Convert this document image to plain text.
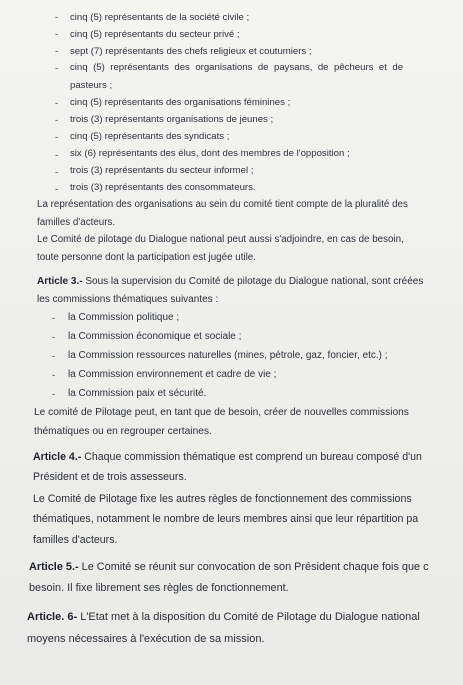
- cinq (5) représentants de la société civile ;
- cinq (5) représentants du secteur privé ;
- sept (7) représentants des chefs religieux et coutumiers ;
- cinq (5) représentants des organisations de paysans, de pêcheurs et de
pasteurs ;
- cinq (5) représentants des organisations féminines ;
- trois (3) représentants organisations de jeunes ;
- cinq (5) représentants des syndicats ;
- six (6) représentants des élus, dont des membres de l'opposition ;
- trois (3) représentants du secteur informel ;
- trois (3) représentants des consommateurs.
La représentation des organisations au sein du comité tient compte de la pluralité des
familles d'acteurs.
Le Comité de pilotage du Dialogue national peut aussi s'adjoindre, en cas de besoin,
toute personne dont la participation est jugée utile.
Article 3.- Sous la supervision du Comité de pilotage du Dialogue national, sont créées
les commissions thématiques suivantes :
- la Commission politique ;
- la Commission économique et sociale ;
- la Commission ressources naturelles (mines, pétrole, gaz, foncier, etc.) ;
- la Commission environnement et cadre de vie ;
- la Commission paix et sécurité.
Le comité de Pilotage peut, en tant que de besoin, créer de nouvelles commissions
thématiques ou en regrouper certaines.
Article 4.- Chaque commission thématique est comprend un bureau composé d'un
Président et de trois assesseurs.
Le Comité de Pilotage fixe les autres règles de fonctionnement des commissions
thématiques, notamment le nombre de leurs membres ainsi que leur répartition pa
familles d'acteurs.
Article 5.- Le Comité se réunit sur convocation de son Président chaque fois que c
besoin. Il fixe librement ses règles de fonctionnement.
Article. 6- L'Etat met à la disposition du Comité de Pilotage du Dialogue national
moyens nécessaires à l'exécution de sa mission.
